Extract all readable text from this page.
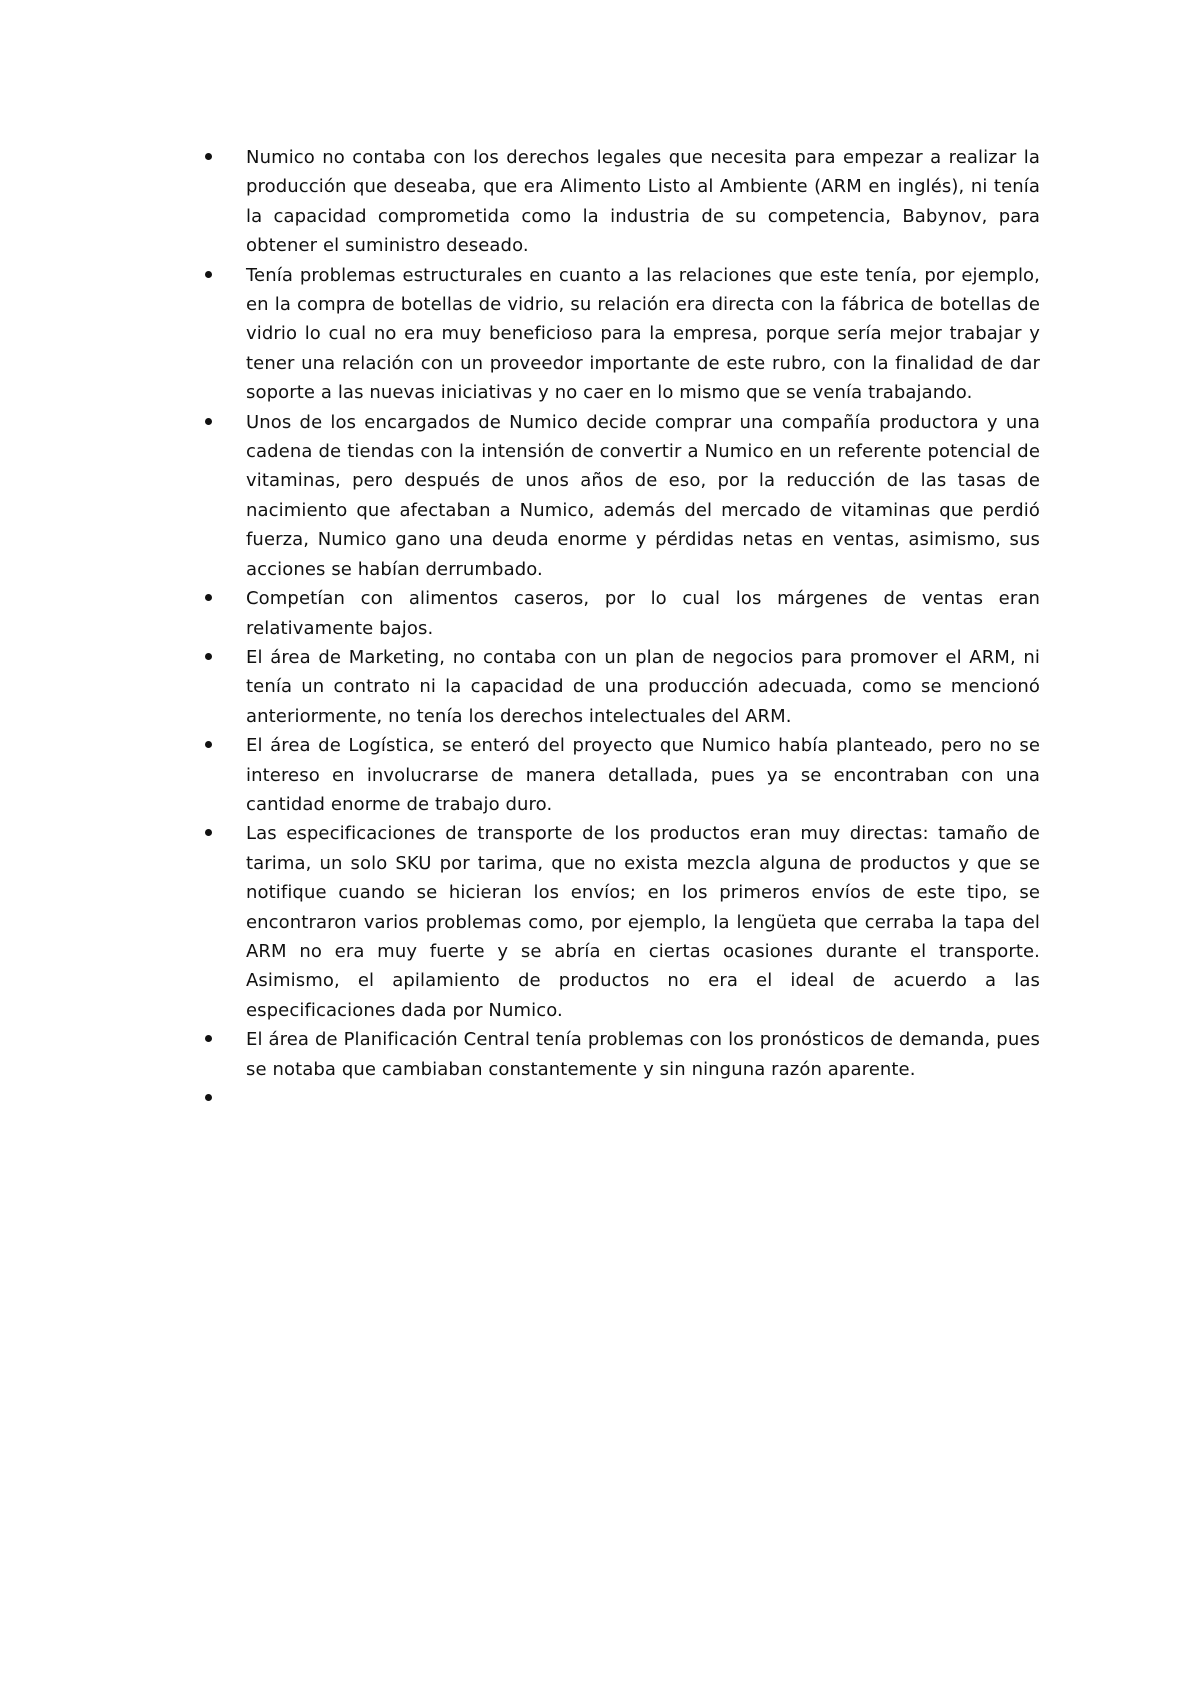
Numico no contaba con los derechos legales que necesita para empezar a realizar la producción que deseaba, que era Alimento Listo al Ambiente (ARM en inglés), ni tenía la capacidad comprometida como la industria de su competencia, Babynov, para obtener el suministro deseado.
Tenía problemas estructurales en cuanto a las relaciones que este tenía, por ejemplo, en la compra de botellas de vidrio, su relación era directa con la fábrica de botellas de vidrio lo cual no era muy beneficioso para la empresa, porque sería mejor trabajar y tener una relación con un proveedor importante de este rubro, con la finalidad de dar soporte a las nuevas iniciativas y no caer en lo mismo que se venía trabajando.
Unos de los encargados de Numico decide comprar una compañía productora y una cadena de tiendas con la intensión de convertir a Numico en un referente potencial de vitaminas, pero después de unos años de eso, por la reducción de las tasas de nacimiento que afectaban a Numico, además del mercado de vitaminas que perdió fuerza, Numico gano una deuda enorme y pérdidas netas en ventas, asimismo, sus acciones se habían derrumbado.
Competían con alimentos caseros, por lo cual los márgenes de ventas eran relativamente bajos.
El área de Marketing, no contaba con un plan de negocios para promover el ARM, ni tenía un contrato ni la capacidad de una producción adecuada, como se mencionó anteriormente, no tenía los derechos intelectuales del ARM.
El área de Logística, se enteró del proyecto que Numico había planteado, pero no se intereso en involucrarse de manera detallada, pues ya se encontraban con una cantidad enorme de trabajo duro.
Las especificaciones de transporte de los productos eran muy directas: tamaño de tarima, un solo SKU por tarima, que no exista mezcla alguna de productos y que se notifique cuando se hicieran los envíos; en los primeros envíos de este tipo, se encontraron varios problemas como, por ejemplo, la lengüeta que cerraba la tapa del ARM no era muy fuerte y se abría en ciertas ocasiones durante el transporte. Asimismo, el apilamiento de productos no era el ideal de acuerdo a las especificaciones dada por Numico.
El área de Planificación Central tenía problemas con los pronósticos de demanda, pues se notaba que cambiaban constantemente y sin ninguna razón aparente.
